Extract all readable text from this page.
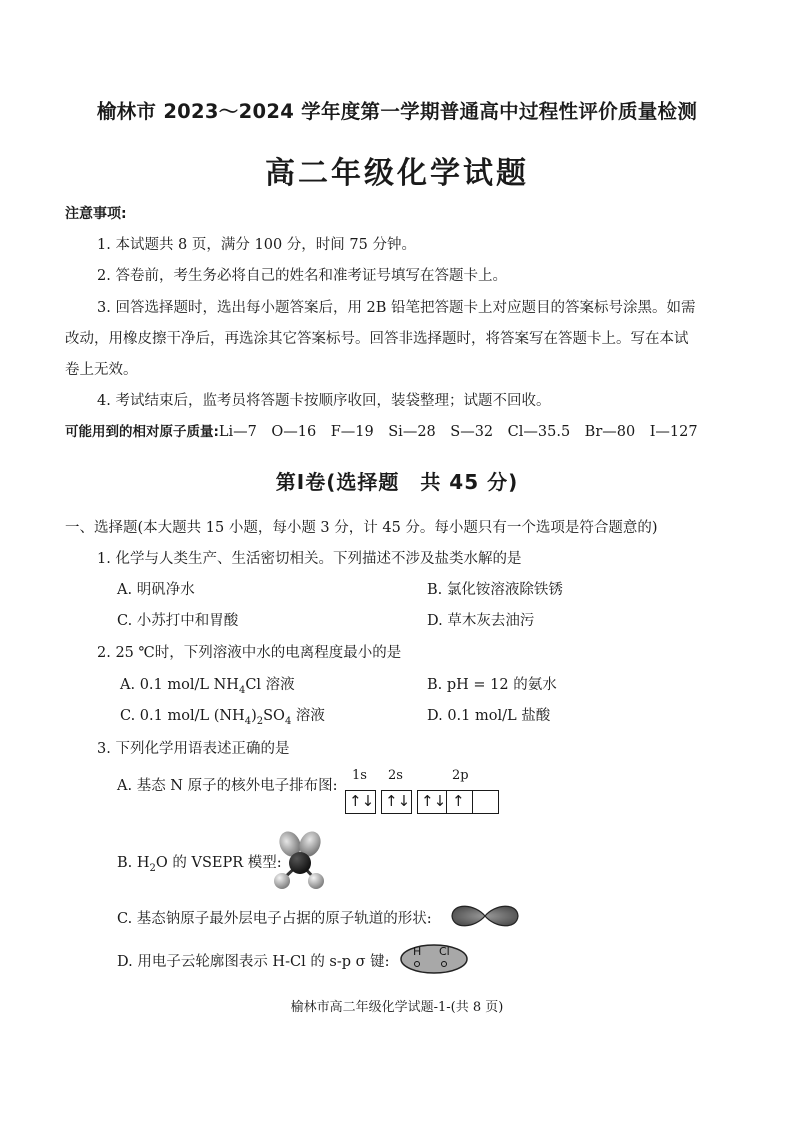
榆林市 2023～2024 学年度第一学期普通高中过程性评价质量检测
高二年级化学试题
注意事项:
1. 本试题共 8 页，满分 100 分，时间 75 分钟。
2. 答卷前，考生务必将自己的姓名和准考证号填写在答题卡上。
3. 回答选择题时，选出每小题答案后，用 2B 铅笔把答题卡上对应题目的答案标号涂黑。如需
改动，用橡皮擦干净后，再选涂其它答案标号。回答非选择题时，将答案写在答题卡上。写在本试
卷上无效。
4. 考试结束后，监考员将答题卡按顺序收回，装袋整理；试题不回收。
可能用到的相对原子质量:Li—7　O—16　F—19　Si—28　S—32　Cl—35.5　Br—80　I—127
第Ⅰ卷(选择题　共 45 分)
一、选择题(本大题共 15 小题，每小题 3 分，计 45 分。每小题只有一个选项是符合题意的)
1. 化学与人类生产、生活密切相关。下列描述不涉及盐类水解的是
A. 明矾净水	B. 氯化铵溶液除铁锈
C. 小苏打中和胃酸	D. 草木灰去油污
2. 25 ℃时，下列溶液中水的电离程度最小的是
A. 0.1 mol/L $NH_4Cl$ 溶液	B. pH = 12 的氨水
C. 0.1 mol/L $(NH_4)_2SO_4$ 溶液	D. 0.1 mol/L 盐酸
3. 下列化学用语表述正确的是
A. 基态 N 原子的核外电子排布图:
1s 2s	2p
↑↓ ↑↓ ↑↓ ↑
B. $H_2O$ 的 VSEPR 模型:
C. 基态钠原子最外层电子占据的原子轨道的形状:
D. 用电子云轮廓图表示 H-Cl 的 s-p σ 键:
H Cl
榆林市高二年级化学试题-1-(共 8 页)
